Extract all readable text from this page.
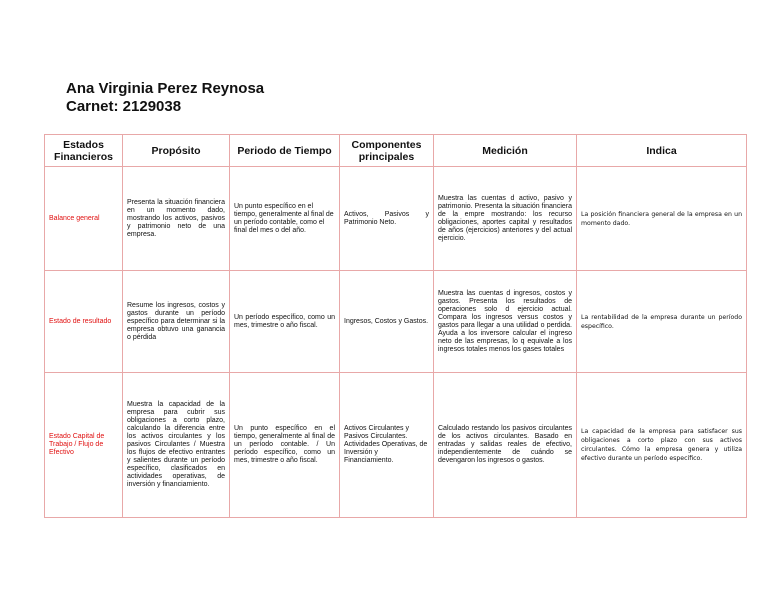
Ana Virginia Perez Reynosa
Carnet: 2129038
Estados Financieros	Propósito	Periodo de Tiempo	Componentes principales	Medición	Indica
Balance general	Presenta la situación financiera en un momento dado, mostrando los activos, pasivos y patrimonio neto de una empresa.	Un punto específico en el tiempo, generalmente al final de un período contable, como el final del mes o del año.	Activos, Pasivos y Patrimonio Neto.	Muestra las cuentas d activo, pasivo y patrimonio. Presenta la situación financiera de la empre mostrando: los recurso obligaciones, aportes capital y resultados de años (ejercicios) anteriores y del actual ejercicio.	La posición financiera general de la empresa en un momento dado.
Estado de resultado	Resume los ingresos, costos y gastos durante un período específico para determinar si la empresa obtuvo una ganancia o pérdida	Un período específico, como un mes, trimestre o año fiscal.	Ingresos, Costos y Gastos.	Muestra las cuentas d ingresos, costos y gastos. Presenta los resultados de operaciones solo d ejercicio actual. Compara los ingresos versus costos y gastos para llegar a una utilidad o perdida. Ayuda a los inversore calcular el ingreso neto de las empresas, lo q equivale a los ingresos totales menos los gases totales	La rentabilidad de la empresa durante un período específico.
Estado Capital de Trabajo / Flujo de Efectivo	Muestra la capacidad de la empresa para cubrir sus obligaciones a corto plazo, calculando la diferencia entre los activos circulantes y los pasivos Circulantes / Muestra los flujos de efectivo entrantes y salientes durante un período específico, clasificados en actividades operativas, de inversión y financiamiento.	Un punto específico en el tiempo, generalmente al final de un período contable. / Un período específico, como un mes, trimestre o año fiscal.	Activos Circulantes y Pasivos Circulantes. Actividades Operativas, de Inversión y Financiamiento.	Calculado restando los pasivos circulantes de los activos circulantes. Basado en entradas y salidas reales de efectivo, independientemente de cuándo se devengaron los ingresos o gastos.	La capacidad de la empresa para satisfacer sus obligaciones a corto plazo con sus activos circulantes. Cómo la empresa genera y utiliza efectivo durante un período específico.
